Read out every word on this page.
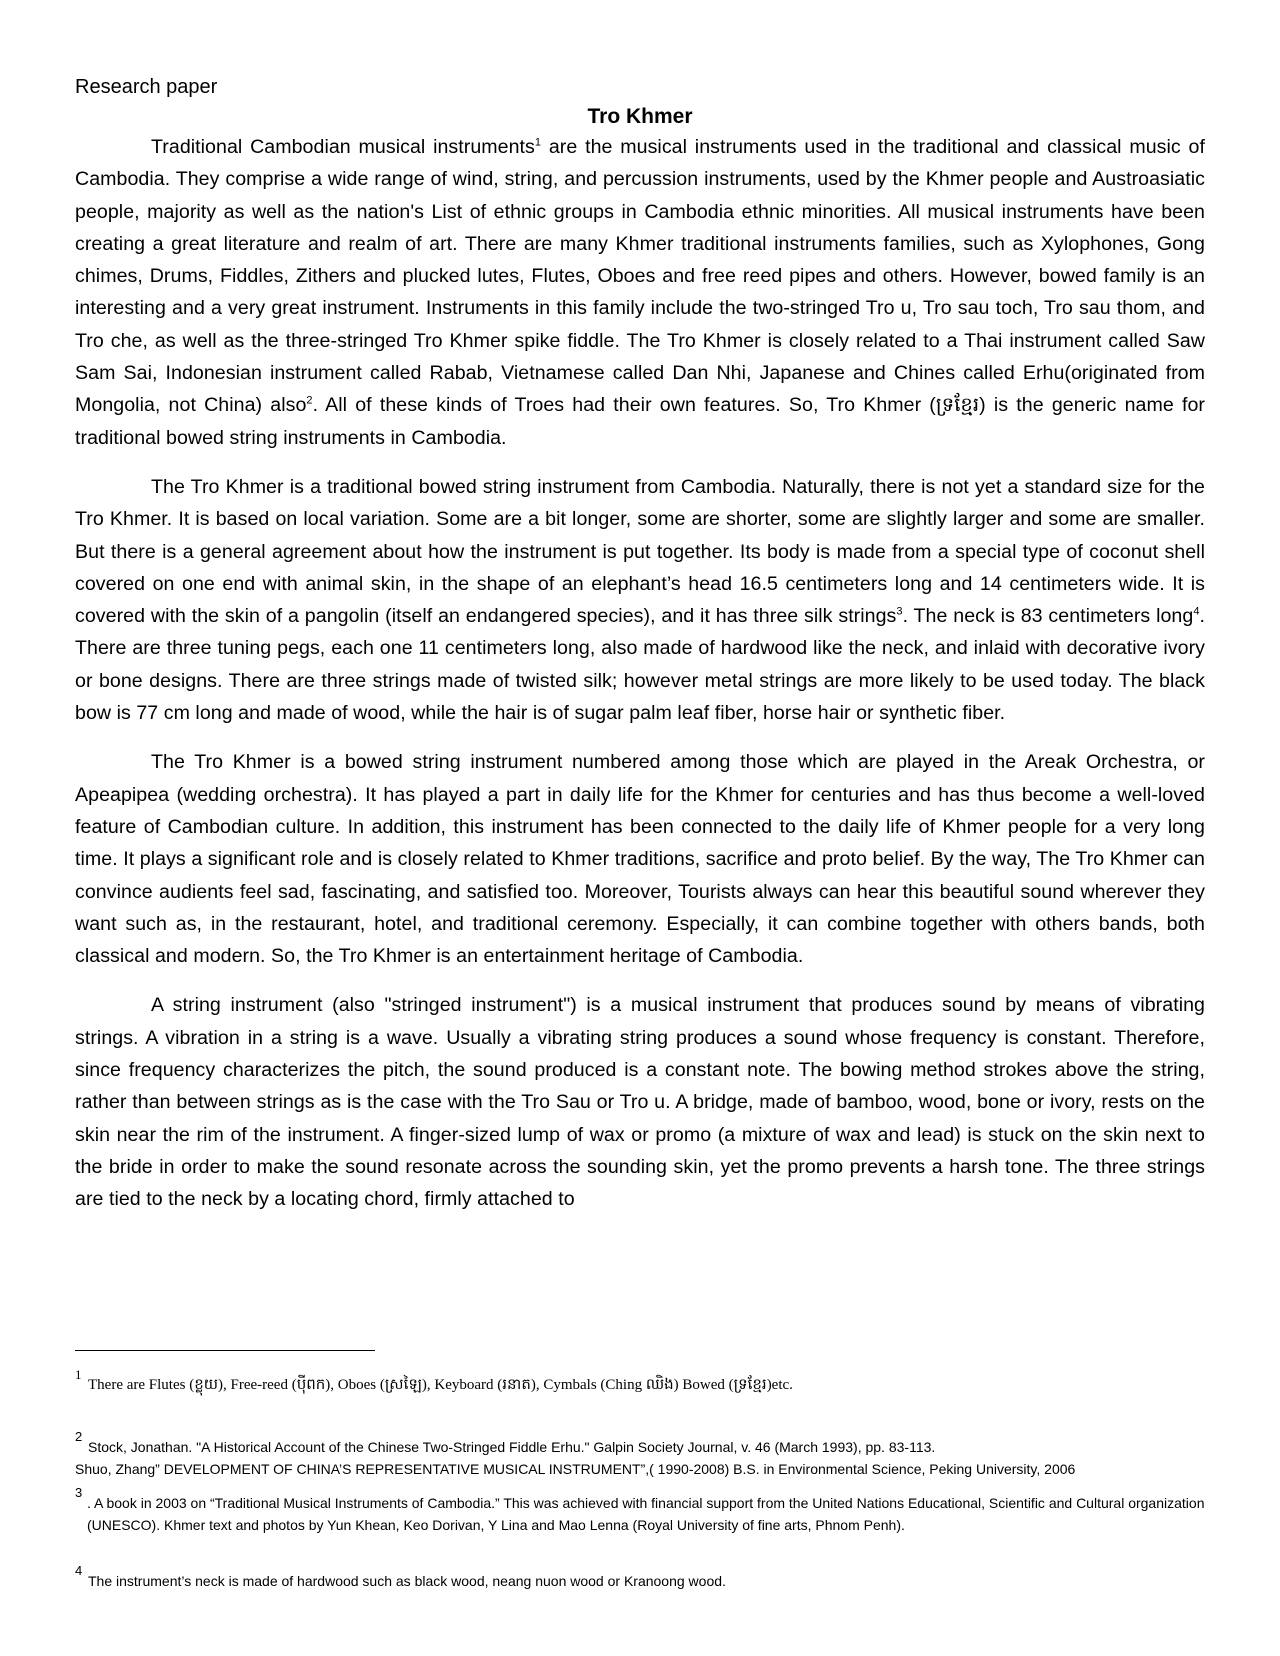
Research paper

Tro Khmer

Traditional Cambodian musical instruments$^1$ are the musical instruments used in the traditional and classical music of Cambodia. They comprise a wide range of wind, string, and percussion instruments, used by the Khmer people and Austroasiatic people, majority as well as the nation's List of ethnic groups in Cambodia ethnic minorities. All musical instruments have been creating a great literature and realm of art. There are many Khmer traditional instruments families, such as Xylophones, Gong chimes, Drums, Fiddles, Zithers and plucked lutes, Flutes, Oboes and free reed pipes and others. However, bowed family is an interesting and a very great instrument. Instruments in this family include the two-stringed Tro u, Tro sau toch, Tro sau thom, and Tro che, as well as the three-stringed Tro Khmer spike fiddle. The Tro Khmer is closely related to a Thai instrument called Saw Sam Sai, Indonesian instrument called Rabab, Vietnamese called Dan Nhi, Japanese and Chines called Erhu(originated from Mongolia, not China) also$^2$. All of these kinds of Troes had their own features. So, Tro Khmer (ទ្រខ្មែរ) is the generic name for traditional bowed string instruments in Cambodia.

The Tro Khmer is a traditional bowed string instrument from Cambodia. Naturally, there is not yet a standard size for the Tro Khmer. It is based on local variation. Some are a bit longer, some are shorter, some are slightly larger and some are smaller. But there is a general agreement about how the instrument is put together. Its body is made from a special type of coconut shell covered on one end with animal skin, in the shape of an elephant’s head 16.5 centimeters long and 14 centimeters wide. It is covered with the skin of a pangolin (itself an endangered species), and it has three silk strings$^3$. The neck is 83 centimeters long$^4$. There are three tuning pegs, each one 11 centimeters long, also made of hardwood like the neck, and inlaid with decorative ivory or bone designs. There are three strings made of twisted silk; however metal strings are more likely to be used today. The black bow is 77 cm long and made of wood, while the hair is of sugar palm leaf fiber, horse hair or synthetic fiber.

The Tro Khmer is a bowed string instrument numbered among those which are played in the Areak Orchestra, or Apeapipea (wedding orchestra). It has played a part in daily life for the Khmer for centuries and has thus become a well-loved feature of Cambodian culture. In addition, this instrument has been connected to the daily life of Khmer people for a very long time. It plays a significant role and is closely related to Khmer traditions, sacrifice and proto belief. By the way, The Tro Khmer can convince audients feel sad, fascinating, and satisfied too. Moreover, Tourists always can hear this beautiful sound wherever they want such as, in the restaurant, hotel, and traditional ceremony. Especially, it can combine together with others bands, both classical and modern. So, the Tro Khmer is an entertainment heritage of Cambodia.

A string instrument (also "stringed instrument") is a musical instrument that produces sound by means of vibrating strings. A vibration in a string is a wave. Usually a vibrating string produces a sound whose frequency is constant. Therefore, since frequency characterizes the pitch, the sound produced is a constant note. The bowing method strokes above the string, rather than between strings as is the case with the Tro Sau or Tro u. A bridge, made of bamboo, wood, bone or ivory, rests on the skin near the rim of the instrument. A finger-sized lump of wax or promo (a mixture of wax and lead) is stuck on the skin next to the bride in order to make the sound resonate across the sounding skin, yet the promo prevents a harsh tone. The three strings are tied to the neck by a locating chord, firmly attached to

1
There are Flutes (ខ្លុយ), Free-reed (ប៉ីពក), Oboes (ស្រឡៃ), Keyboard (រនាត), Cymbals (Ching ឈិង) Bowed (ទ្រខ្មែរ)etc.
2
Stock, Jonathan. "A Historical Account of the Chinese Two-Stringed Fiddle Erhu." Galpin Society Journal, v. 46 (March 1993), pp. 83-113.
Shuo, Zhang” DEVELOPMENT OF CHINA’S REPRESENTATIVE MUSICAL INSTRUMENT”,( 1990-2008) B.S. in Environmental Science, Peking University, 2006
3
. A book in 2003 on “Traditional Musical Instruments of Cambodia.” This was achieved with financial support from the United Nations Educational, Scientific and Cultural organization (UNESCO). Khmer text and photos by Yun Khean, Keo Dorivan, Y Lina and Mao Lenna (Royal University of fine arts, Phnom Penh).
4
The instrument’s neck is made of hardwood such as black wood, neang nuon wood or Kranoong wood.
